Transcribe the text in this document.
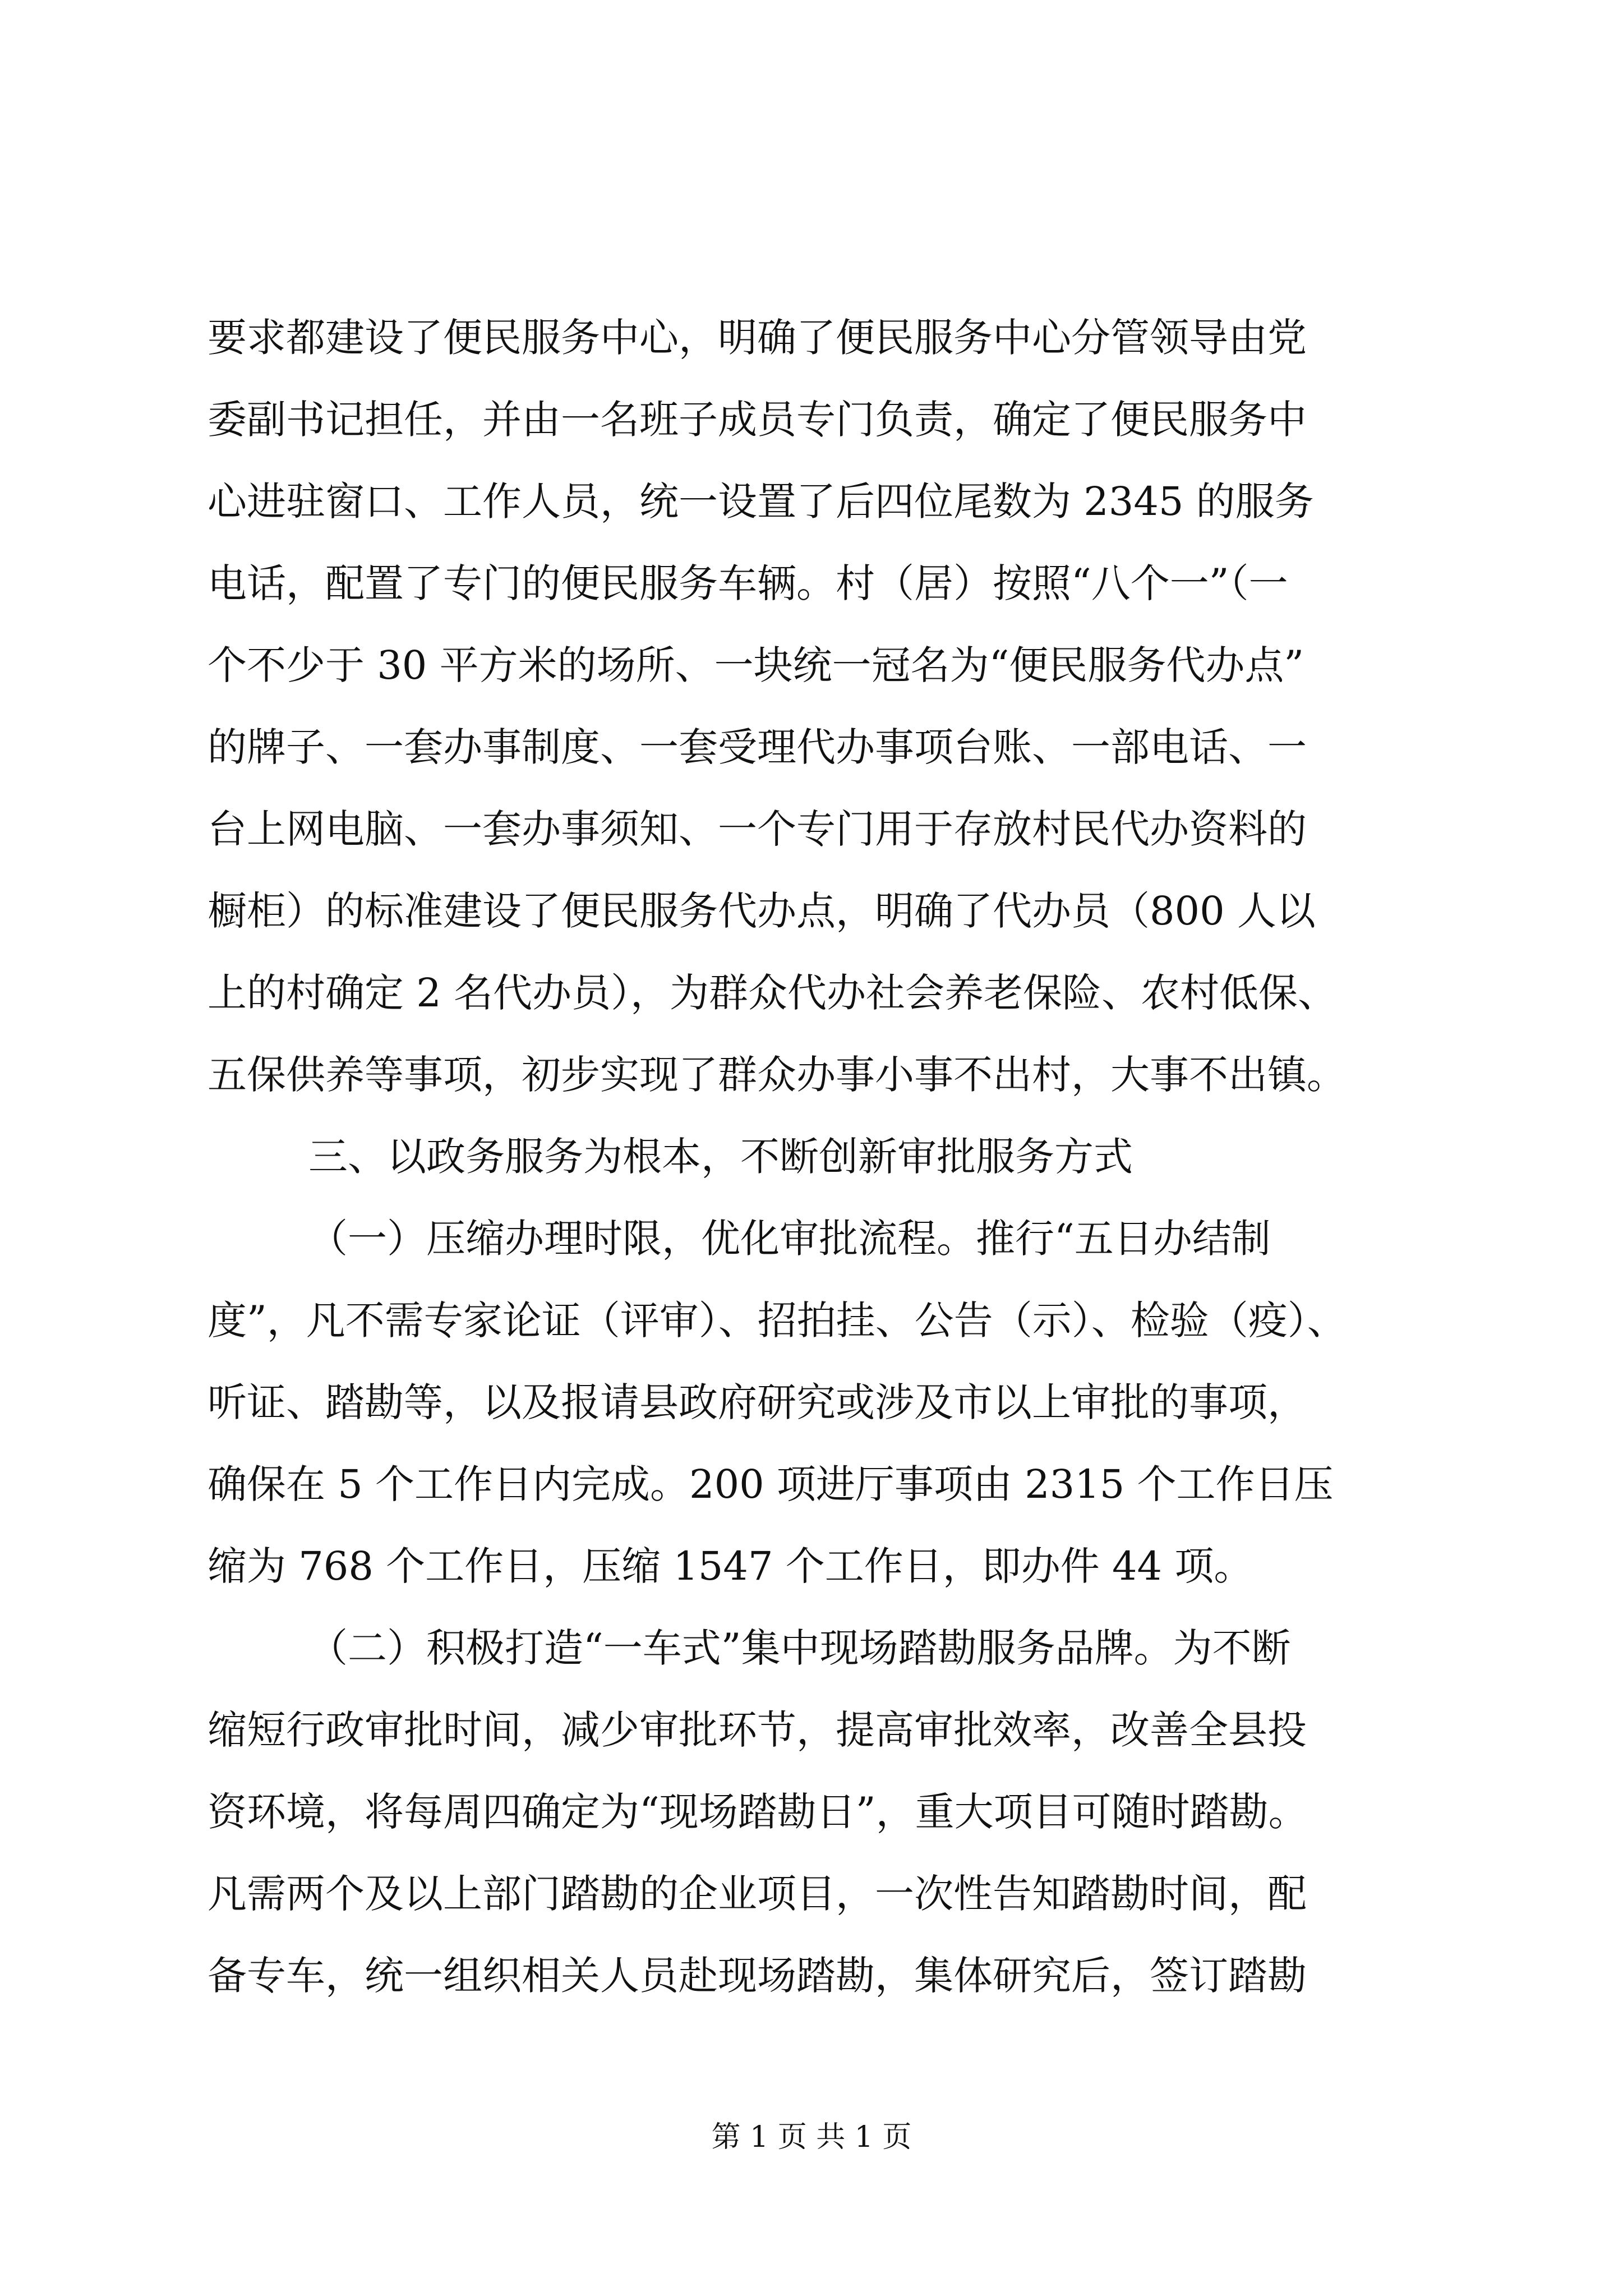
要求都建设了便民服务中心，明确了便民服务中心分管领导由党
委副书记担任，并由一名班子成员专门负责，确定了便民服务中
心进驻窗口、工作人员，统一设置了后四位尾数为 2345 的服务
电话，配置了专门的便民服务车辆。村（居）按照“八个一”（一
个不少于 30 平方米的场所、一块统一冠名为“便民服务代办点”
的牌子、一套办事制度、一套受理代办事项台账、一部电话、一
台上网电脑、一套办事须知、一个专门用于存放村民代办资料的
橱柜）的标准建设了便民服务代办点，明确了代办员（800 人以
上的村确定 2 名代办员），为群众代办社会养老保险、农村低保、
五保供养等事项，初步实现了群众办事小事不出村，大事不出镇。
三、以政务服务为根本，不断创新审批服务方式
（一）压缩办理时限，优化审批流程。推行“五日办结制
度”，凡不需专家论证（评审）、招拍挂、公告（示）、检验（疫）、
听证、踏勘等，以及报请县政府研究或涉及市以上审批的事项，
确保在 5 个工作日内完成。200 项进厅事项由 2315 个工作日压
缩为 768 个工作日，压缩 1547 个工作日，即办件 44 项。
（二）积极打造“一车式”集中现场踏勘服务品牌。为不断
缩短行政审批时间，减少审批环节，提高审批效率，改善全县投
资环境，将每周四确定为“现场踏勘日”，重大项目可随时踏勘。
凡需两个及以上部门踏勘的企业项目，一次性告知踏勘时间，配
备专车，统一组织相关人员赴现场踏勘，集体研究后，签订踏勘
第 1 页 共 1 页
